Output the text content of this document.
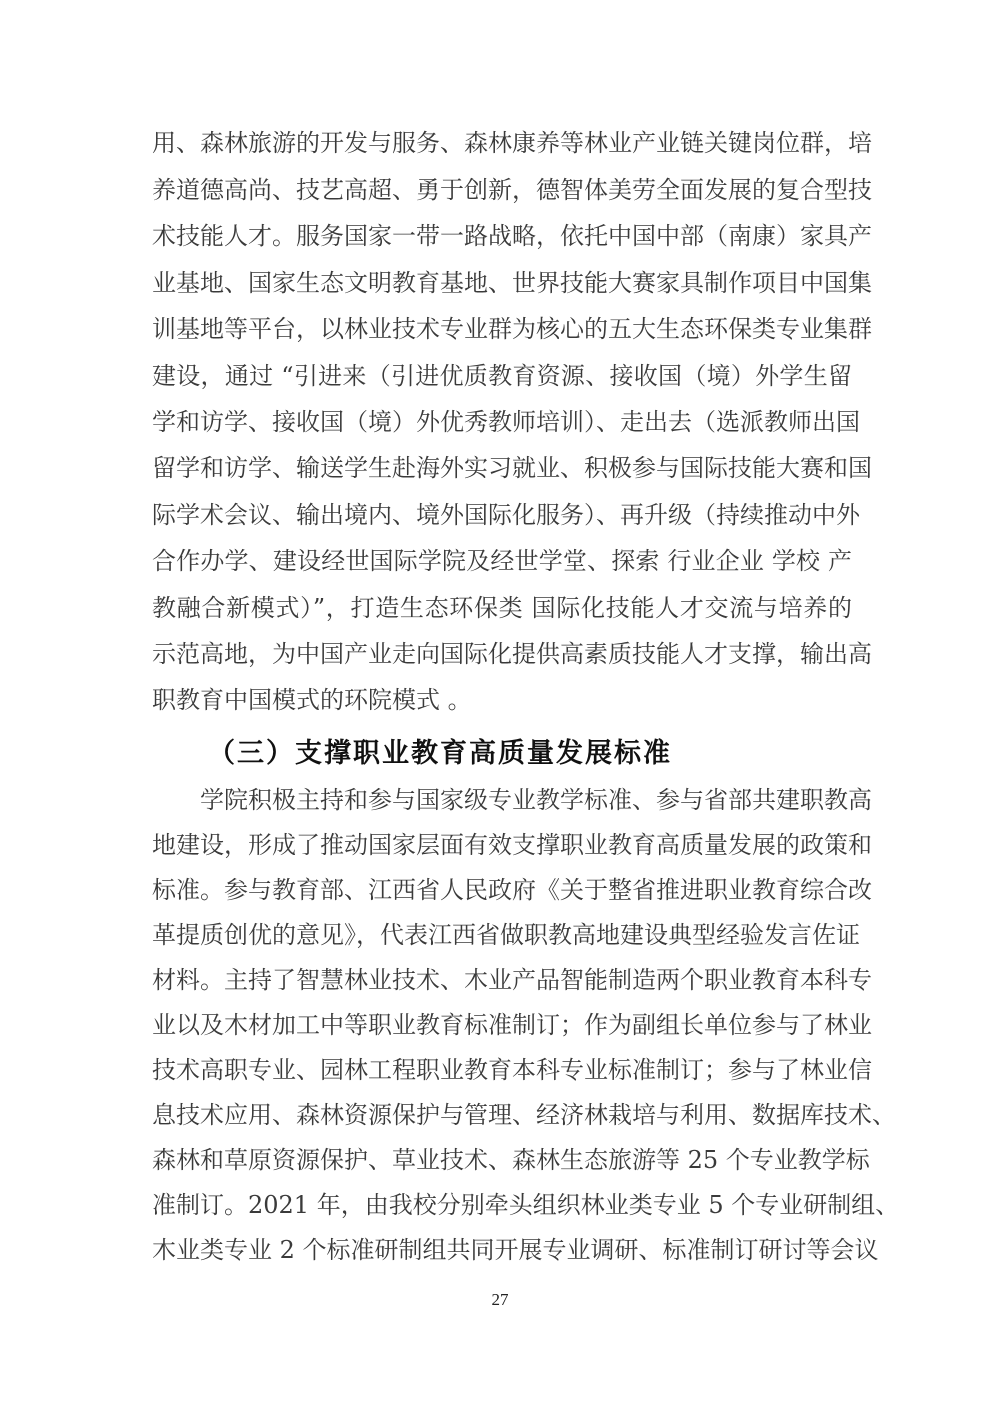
用、森林旅游的开发与服务、森林康养等林业产业链关键岗位群，培
养道德高尚、技艺高超、勇于创新，德智体美劳全面发展的复合型技
术技能人才。服务国家一带一路战略，依托中国中部（南康）家具产
业基地、国家生态文明教育基地、世界技能大赛家具制作项目中国集
训基地等平台，以林业技术专业群为核心的五大生态环保类专业集群
建设，通过 “引进来（引进优质教育资源、接收国（境）外学生留
学和访学、接收国（境）外优秀教师培训）、走出去（选派教师出国
留学和访学、输送学生赴海外实习就业、积极参与国际技能大赛和国
际学术会议、输出境内、境外国际化服务）、再升级（持续推动中外
合作办学、建设经世国际学院及经世学堂、探索 行业企业 学校 产
教融合新模式）”，打造生态环保类 国际化技能人才交流与培养的
示范高地，为中国产业走向国际化提供高素质技能人才支撑，输出高
职教育中国模式的环院模式 。
（三）支撑职业教育高质量发展标准
学院积极主持和参与国家级专业教学标准、参与省部共建职教高
地建设，形成了推动国家层面有效支撑职业教育高质量发展的政策和
标准。参与教育部、江西省人民政府《关于整省推进职业教育综合改
革提质创优的意见》，代表江西省做职教高地建设典型经验发言佐证
材料。主持了智慧林业技术、木业产品智能制造两个职业教育本科专
业以及木材加工中等职业教育标准制订；作为副组长单位参与了林业
技术高职专业、园林工程职业教育本科专业标准制订；参与了林业信
息技术应用、森林资源保护与管理、经济林栽培与利用、数据库技术、
森林和草原资源保护、草业技术、森林生态旅游等 25 个专业教学标
准制订。2021 年，由我校分别牵头组织林业类专业 5 个专业研制组、
木业类专业 2 个标准研制组共同开展专业调研、标准制订研讨等会议
27
